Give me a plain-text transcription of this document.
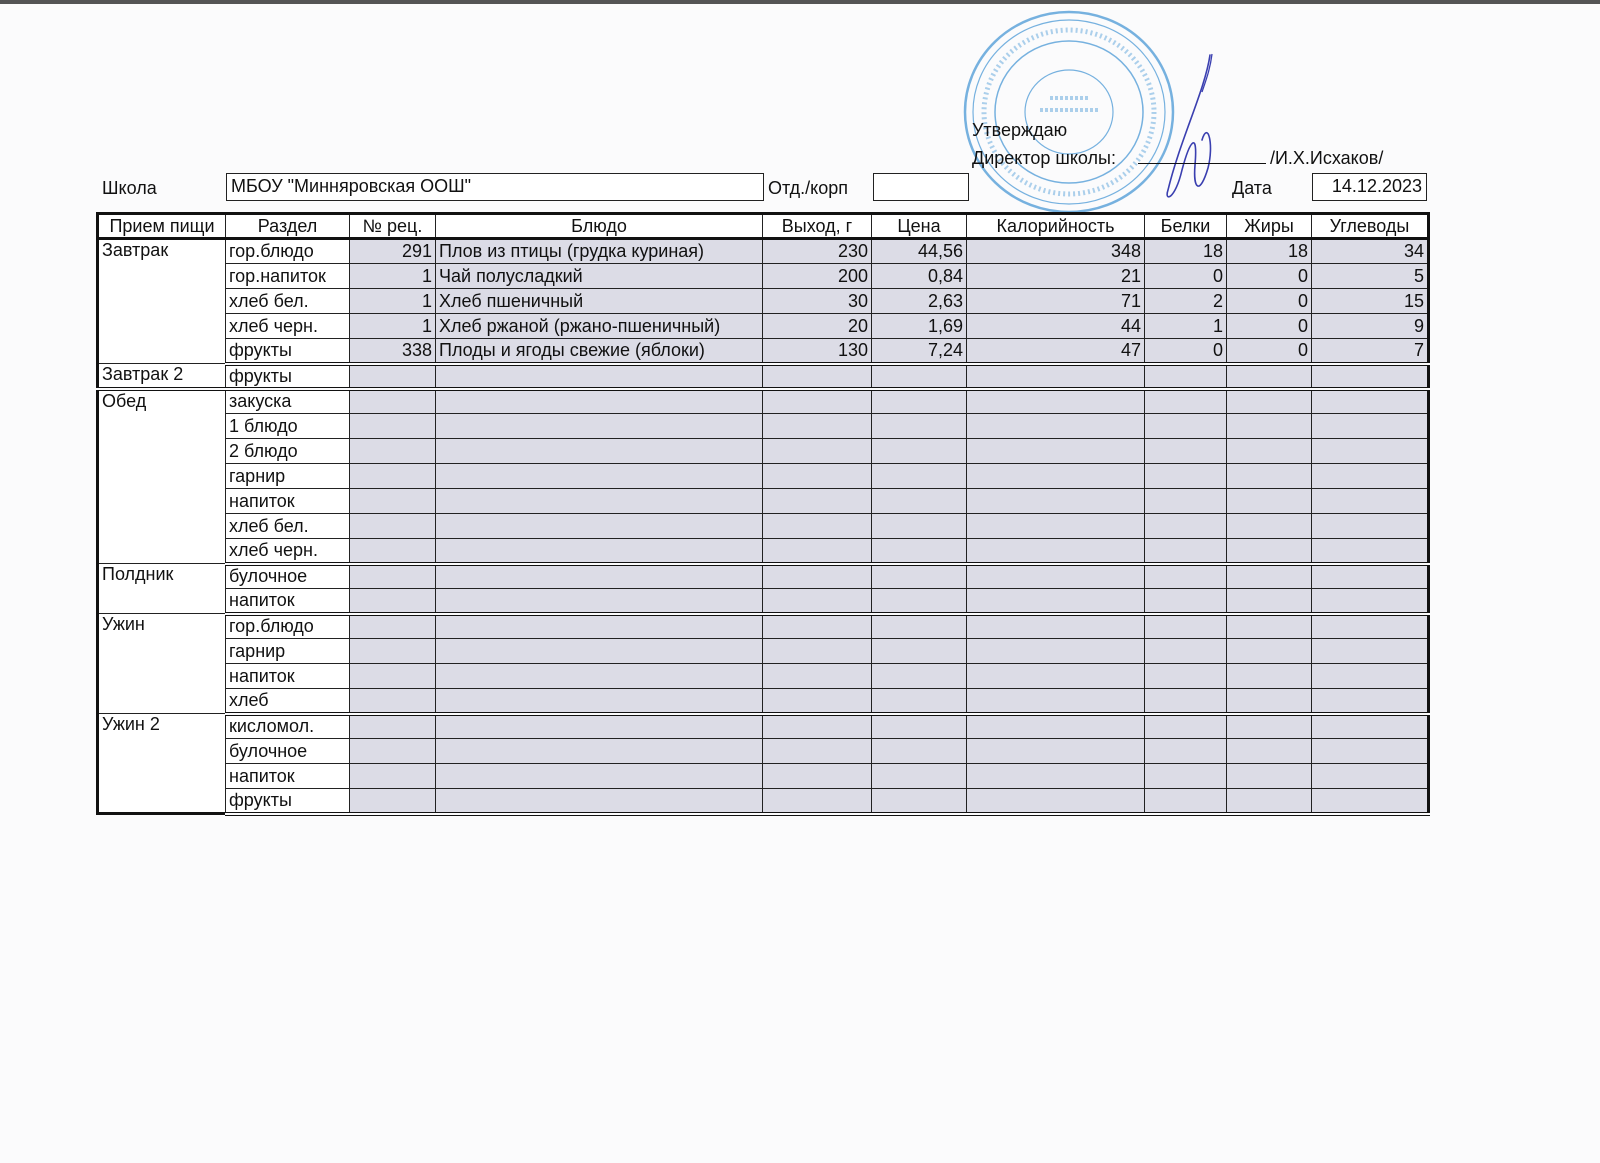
Утверждаю
Директор школы:	/И.Х.Исхаков/
Школа	МБОУ "Минняровская ООШ"	Отд./корп	Дата	14.12.2023
Прием пищи	Раздел	№ рец.	Блюдо	Выход, г	Цена	Калорийность	Белки	Жиры	Углеводы
Завтрак	гор.блюдо	291	Плов из птицы (грудка куриная)	230	44,56	348	18	18	34
	гор.напиток	1	Чай полусладкий	200	0,84	21	0	0	5
	хлеб бел.	1	Хлеб пшеничный	30	2,63	71	2	0	15
	хлеб черн.	1	Хлеб ржаной (ржано-пшеничный)	20	1,69	44	1	0	9
	фрукты	338	Плоды и ягоды свежие (яблоки)	130	7,24	47	0	0	7
Завтрак 2	фрукты								
Обед	закуска								
	1 блюдо								
	2 блюдо								
	гарнир								
	напиток								
	хлеб бел.								
	хлеб черн.								
Полдник	булочное								
	напиток								
Ужин	гор.блюдо								
	гарнир								
	напиток								
	хлеб								
Ужин 2	кисломол.								
	булочное								
	напиток								
	фрукты								
